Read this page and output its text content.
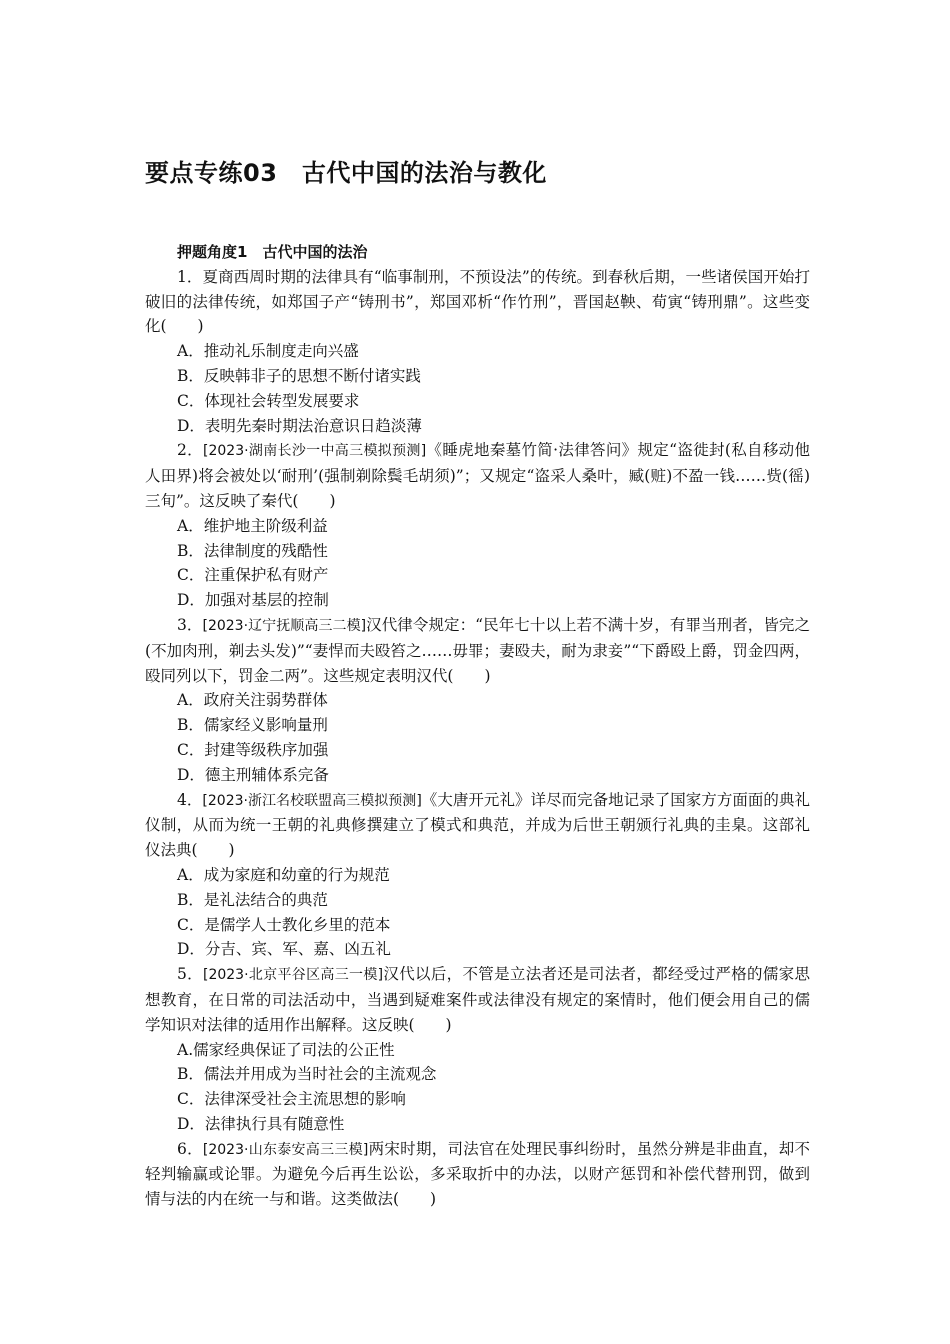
要点专练03　古代中国的法治与教化

押题角度1　古代中国的法治

1．夏商西周时期的法律具有“临事制刑，不预设法”的传统。到春秋后期，一些诸侯国开始打破旧的法律传统，如郑国子产“铸刑书”，郑国邓析“作竹刑”，晋国赵鞅、荀寅“铸刑鼎”。这些变化(　　)

A．推动礼乐制度走向兴盛

B．反映韩非子的思想不断付诸实践

C．体现社会转型发展要求

D．表明先秦时期法治意识日趋淡薄

2．[2023·湖南长沙一中高三模拟预测]《睡虎地秦墓竹简·法律答问》规定“盗徙封(私自移动他人田界)将会被处以‘耐刑’(强制剃除鬓毛胡须)”；又规定“盗采人桑叶，臧(赃)不盈一钱……赀(徭)三旬”。这反映了秦代(　　)

A．维护地主阶级利益

B．法律制度的残酷性

C．注重保护私有财产

D．加强对基层的控制

3．[2023·辽宁抚顺高三二模]汉代律令规定：“民年七十以上若不满十岁，有罪当刑者，皆完之(不加肉刑，剃去头发)”“妻悍而夫殴笞之……毋罪；妻殴夫，耐为隶妾”“下爵殴上爵，罚金四两，殴同列以下，罚金二两”。这些规定表明汉代(　　)

A．政府关注弱势群体

B．儒家经义影响量刑

C．封建等级秩序加强

D．德主刑辅体系完备

4．[2023·浙江名校联盟高三模拟预测]《大唐开元礼》详尽而完备地记录了国家方方面面的典礼仪制，从而为统一王朝的礼典修撰建立了模式和典范，并成为后世王朝颁行礼典的圭臬。这部礼仪法典(　　)

A．成为家庭和幼童的行为规范

B．是礼法结合的典范

C．是儒学人士教化乡里的范本

D．分吉、宾、军、嘉、凶五礼

5．[2023·北京平谷区高三一模]汉代以后，不管是立法者还是司法者，都经受过严格的儒家思想教育，在日常的司法活动中，当遇到疑难案件或法律没有规定的案情时，他们便会用自己的儒学知识对法律的适用作出解释。这反映(　　)

A.儒家经典保证了司法的公正性

B．儒法并用成为当时社会的主流观念

C．法律深受社会主流思想的影响

D．法律执行具有随意性

6．[2023·山东泰安高三三模]两宋时期，司法官在处理民事纠纷时，虽然分辨是非曲直，却不轻判输赢或论罪。为避免今后再生讼讼，多采取折中的办法，以财产惩罚和补偿代替刑罚，做到情与法的内在统一与和谐。这类做法(　　)
